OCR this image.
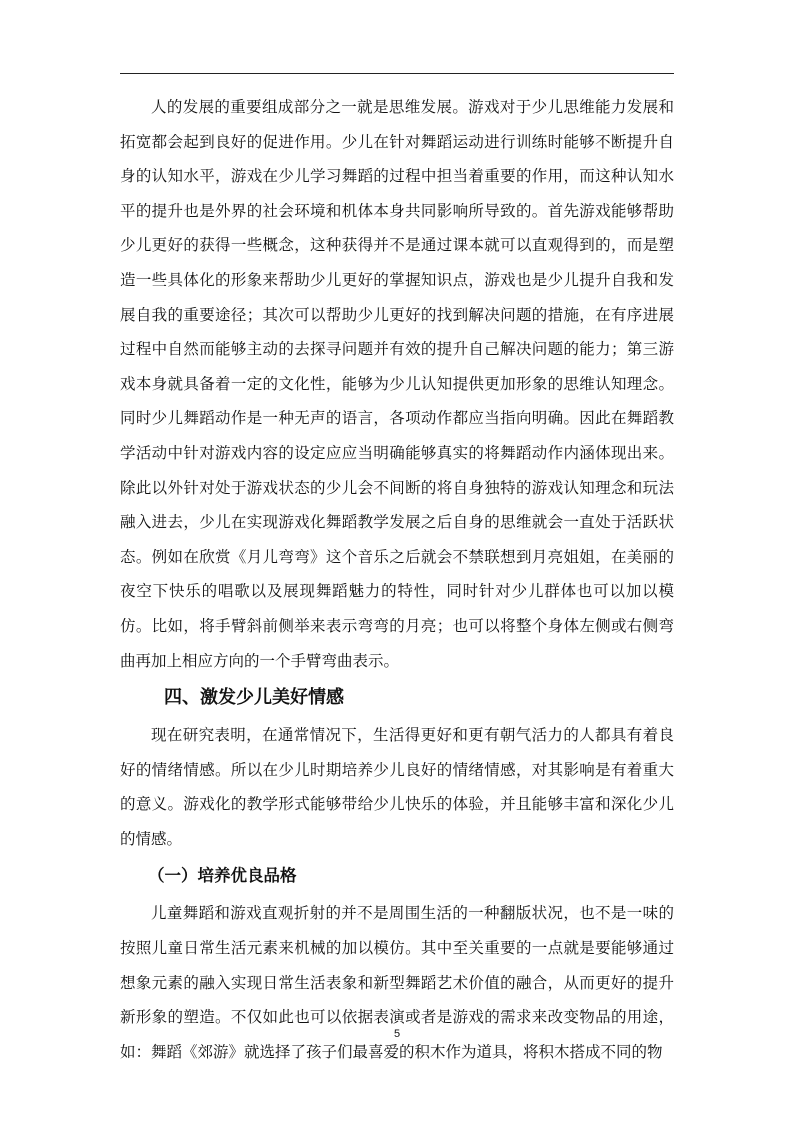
人的发展的重要组成部分之一就是思维发展。游戏对于少儿思维能力发展和拓宽都会起到良好的促进作用。少儿在针对舞蹈运动进行训练时能够不断提升自身的认知水平，游戏在少儿学习舞蹈的过程中担当着重要的作用，而这种认知水平的提升也是外界的社会环境和机体本身共同影响所导致的。首先游戏能够帮助少儿更好的获得一些概念，这种获得并不是通过课本就可以直观得到的，而是塑造一些具体化的形象来帮助少儿更好的掌握知识点，游戏也是少儿提升自我和发展自我的重要途径；其次可以帮助少儿更好的找到解决问题的措施，在有序进展过程中自然而能够主动的去探寻问题并有效的提升自己解决问题的能力；第三游戏本身就具备着一定的文化性，能够为少儿认知提供更加形象的思维认知理念。同时少儿舞蹈动作是一种无声的语言，各项动作都应当指向明确。因此在舞蹈教学活动中针对游戏内容的设定应应当明确能够真实的将舞蹈动作内涵体现出来。除此以外针对处于游戏状态的少儿会不间断的将自身独特的游戏认知理念和玩法融入进去，少儿在实现游戏化舞蹈教学发展之后自身的思维就会一直处于活跃状态。例如在欣赏《月儿弯弯》这个音乐之后就会不禁联想到月亮姐姐，在美丽的夜空下快乐的唱歌以及展现舞蹈魅力的特性，同时针对少儿群体也可以加以模仿。比如，将手臂斜前侧举来表示弯弯的月亮；也可以将整个身体左侧或右侧弯曲再加上相应方向的一个手臂弯曲表示。

四、激发少儿美好情感

现在研究表明，在通常情况下，生活得更好和更有朝气活力的人都具有着良好的情绪情感。所以在少儿时期培养少儿良好的情绪情感，对其影响是有着重大的意义。游戏化的教学形式能够带给少儿快乐的体验，并且能够丰富和深化少儿的情感。

（一）培养优良品格

儿童舞蹈和游戏直观折射的并不是周围生活的一种翻版状况，也不是一味的按照儿童日常生活元素来机械的加以模仿。其中至关重要的一点就是要能够通过想象元素的融入实现日常生活表象和新型舞蹈艺术价值的融合，从而更好的提升新形象的塑造。不仅如此也可以依据表演或者是游戏的需求来改变物品的用途，如：舞蹈《郊游》就选择了孩子们最喜爱的积木作为道具，将积木搭成不同的物

5
